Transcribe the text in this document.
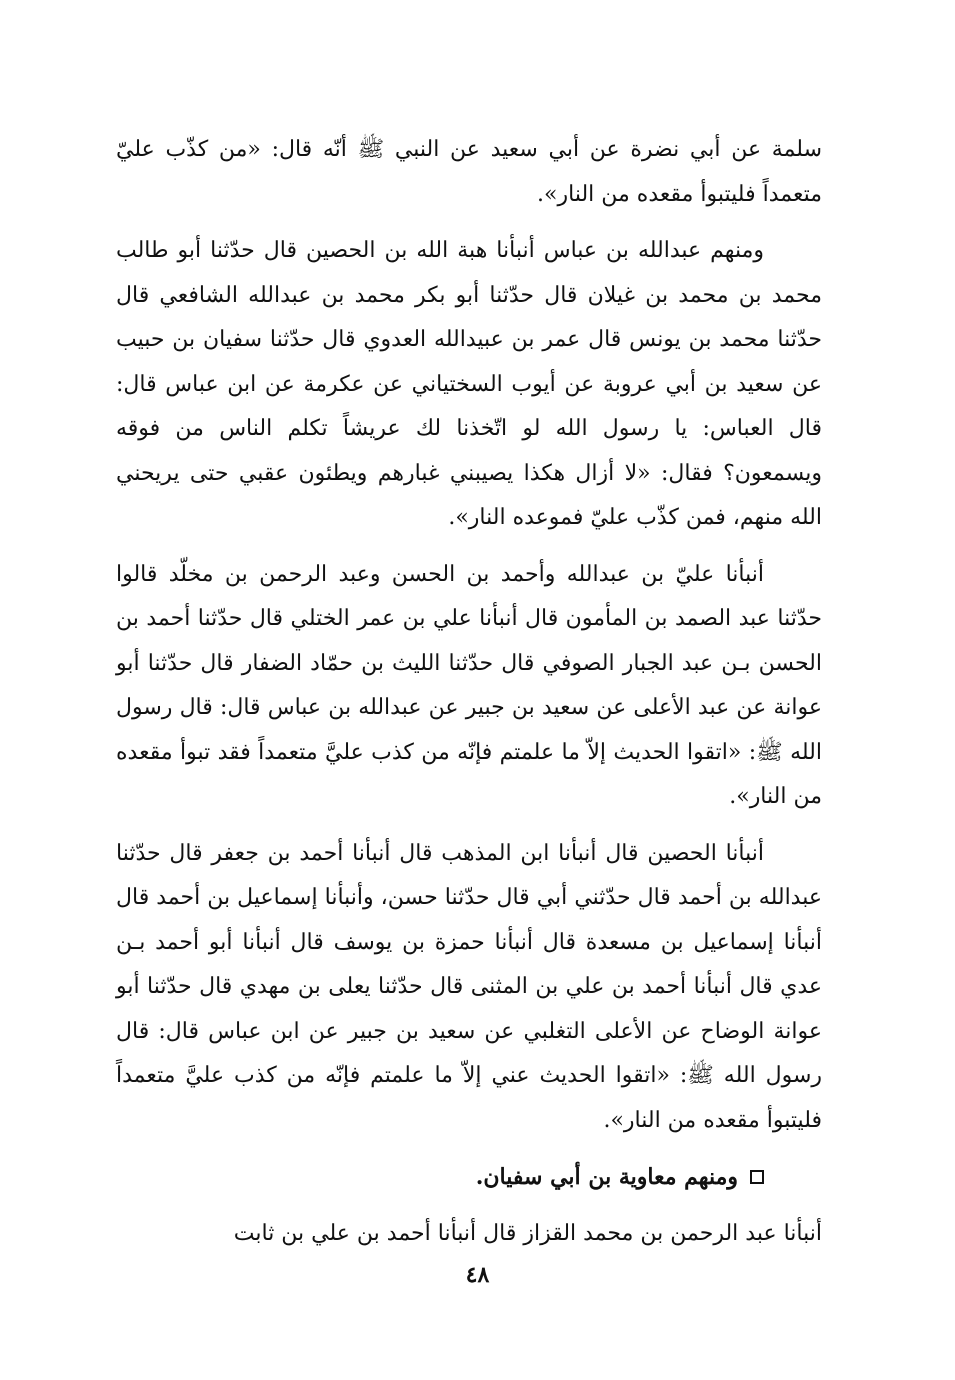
سلمة عن أبي نضرة عن أبي سعيد عن النبي ﷺ أنّه قال: «من كذّب عليّ متعمداً فليتبوأ مقعده من النار».

ومنهم عبدالله بن عباس أنبأنا هبة الله بن الحصين قال حدّثنا أبو طالب محمد بن محمد بن غيلان قال حدّثنا أبو بكر محمد بن عبدالله الشافعي قال حدّثنا محمد بن يونس قال عمر بن عبيدالله العدوي قال حدّثنا سفيان بن حبيب عن سعيد بن أبي عروبة عن أيوب السختياني عن عكرمة عن ابن عباس قال: قال العباس: يا رسول الله لو اتّخذنا لك عريشاً تكلم الناس من فوقه ويسمعون؟ فقال: «لا أزال هكذا يصيبني غبارهم ويطئون عقبي حتى يريحني الله منهم، فمن كذّب عليّ فموعده النار».

أنبأنا عليّ بن عبدالله وأحمد بن الحسن وعبد الرحمن بن مخلّد قالوا حدّثنا عبد الصمد بن المأمون قال أنبأنا علي بن عمر الختلي قال حدّثنا أحمد بن الحسن بـن عبد الجبار الصوفي قال حدّثنا الليث بن حمّاد الضفار قال حدّثنا أبو عوانة عن عبد الأعلى عن سعيد بن جبير عن عبدالله بن عباس قال: قال رسول الله ﷺ: «اتقوا الحديث إلاّ ما علمتم فإنّه من كذب عليَّ متعمداً فقد تبوأ مقعده من النار».

أنبأنا الحصين قال أنبأنا ابن المذهب قال أنبأنا أحمد بن جعفر قال حدّثنا عبدالله بن أحمد قال حدّثني أبي قال حدّثنا حسن، وأنبأنا إسماعيل بن أحمد قال أنبأنا إسماعيل بن مسعدة قال أنبأنا حمزة بن يوسف قال أنبأنا أبو أحمد بـن عدي قال أنبأنا أحمد بن علي بن المثنى قال حدّثنا يعلى بن مهدي قال حدّثنا أبو عوانة الوضاح عن الأعلى التغلبي عن سعيد بن جبير عن ابن عباس قال: قال رسول الله ﷺ: «اتقوا الحديث عني إلاّ ما علمتم فإنّه من كذب عليَّ متعمداً فليتبوأ مقعده من النار».

ومنهم معاوية بن أبي سفيان.

أنبأنا عبد الرحمن بن محمد القزاز قال أنبأنا أحمد بن علي بن ثابت

٤٨
